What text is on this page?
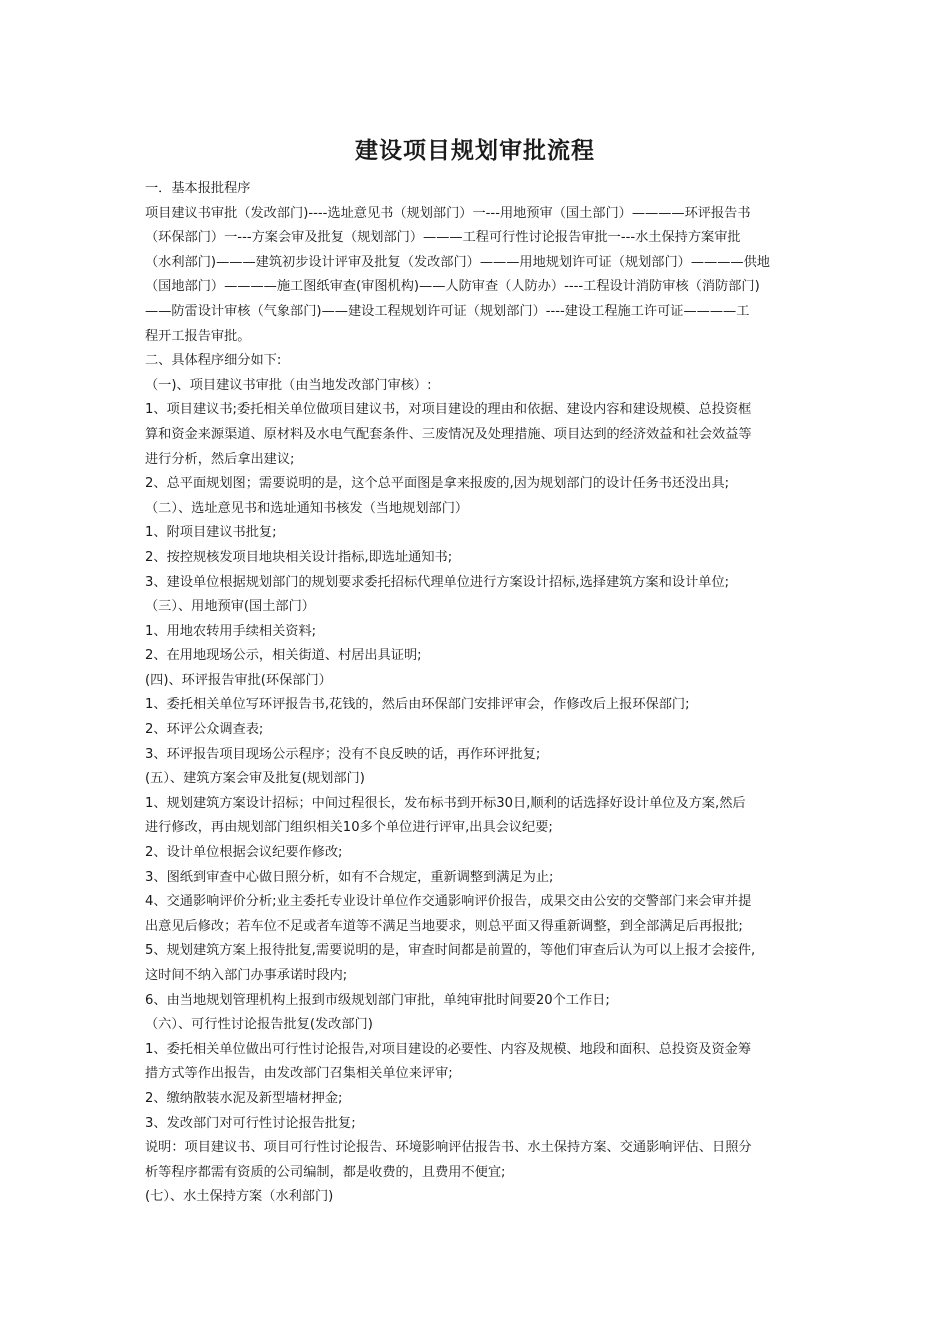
建设项目规划审批流程
一．基本报批程序
项目建议书审批（发改部门)----选址意见书（规划部门）一---用地预审（国土部门）————环评报告书
（环保部门）一---方案会审及批复（规划部门）———工程可行性讨论报告审批一---水土保持方案审批
（水利部门)———建筑初步设计评审及批复（发改部门）———用地规划许可证（规划部门）————供地
（国地部门）————施工图纸审查(审图机构)——人防审查（人防办）----工程设计消防审核（消防部门)
——防雷设计审核（气象部门)——建设工程规划许可证（规划部门）----建设工程施工许可证————工
程开工报告审批。
二、具体程序细分如下:
（一)、项目建议书审批（由当地发改部门审核）:
1、项目建议书;委托相关单位做项目建议书，对项目建设的理由和依据、建设内容和建设规模、总投资框
算和资金来源渠道、原材料及水电气配套条件、三废情况及处理措施、项目达到的经济效益和社会效益等
进行分析，然后拿出建议;
2、总平面规划图；需要说明的是，这个总平面图是拿来报废的,因为规划部门的设计任务书还没出具;
（二）、选址意见书和选址通知书核发（当地规划部门）
1、附项目建议书批复;
2、按控规核发项目地块相关设计指标,即选址通知书;
3、建设单位根据规划部门的规划要求委托招标代理单位进行方案设计招标,选择建筑方案和设计单位;
（三）、用地预审(国土部门）
1、用地农转用手续相关资料;
2、在用地现场公示，相关街道、村居出具证明;
(四)、环评报告审批(环保部门）
1、委托相关单位写环评报告书,花钱的，然后由环保部门安排评审会，作修改后上报环保部门;
2、环评公众调查表;
3、环评报告项目现场公示程序；没有不良反映的话，再作环评批复;
(五）、建筑方案会审及批复(规划部门)
1、规划建筑方案设计招标；中间过程很长，发布标书到开标30日,顺利的话选择好设计单位及方案,然后
进行修改，再由规划部门组织相关10多个单位进行评审,出具会议纪要;
2、设计单位根据会议纪要作修改;
3、图纸到审查中心做日照分析，如有不合规定，重新调整到满足为止;
4、交通影响评价分析;业主委托专业设计单位作交通影响评价报告，成果交由公安的交警部门来会审并提
出意见后修改；若车位不足或者车道等不满足当地要求，则总平面又得重新调整，到全部满足后再报批;
5、规划建筑方案上报待批复,需要说明的是，审查时间都是前置的，等他们审查后认为可以上报才会接件,
这时间不纳入部门办事承诺时段内;
6、由当地规划管理机构上报到市级规划部门审批，单纯审批时间要20个工作日;
（六）、可行性讨论报告批复(发改部门)
1、委托相关单位做出可行性讨论报告,对项目建设的必要性、内容及规模、地段和面积、总投资及资金筹
措方式等作出报告，由发改部门召集相关单位来评审;
2、缴纳散装水泥及新型墙材押金;
3、发改部门对可行性讨论报告批复;
说明：项目建议书、项目可行性讨论报告、环境影响评估报告书、水土保持方案、交通影响评估、日照分
析等程序都需有资质的公司编制，都是收费的，且费用不便宜;
(七）、水土保持方案（水利部门)
